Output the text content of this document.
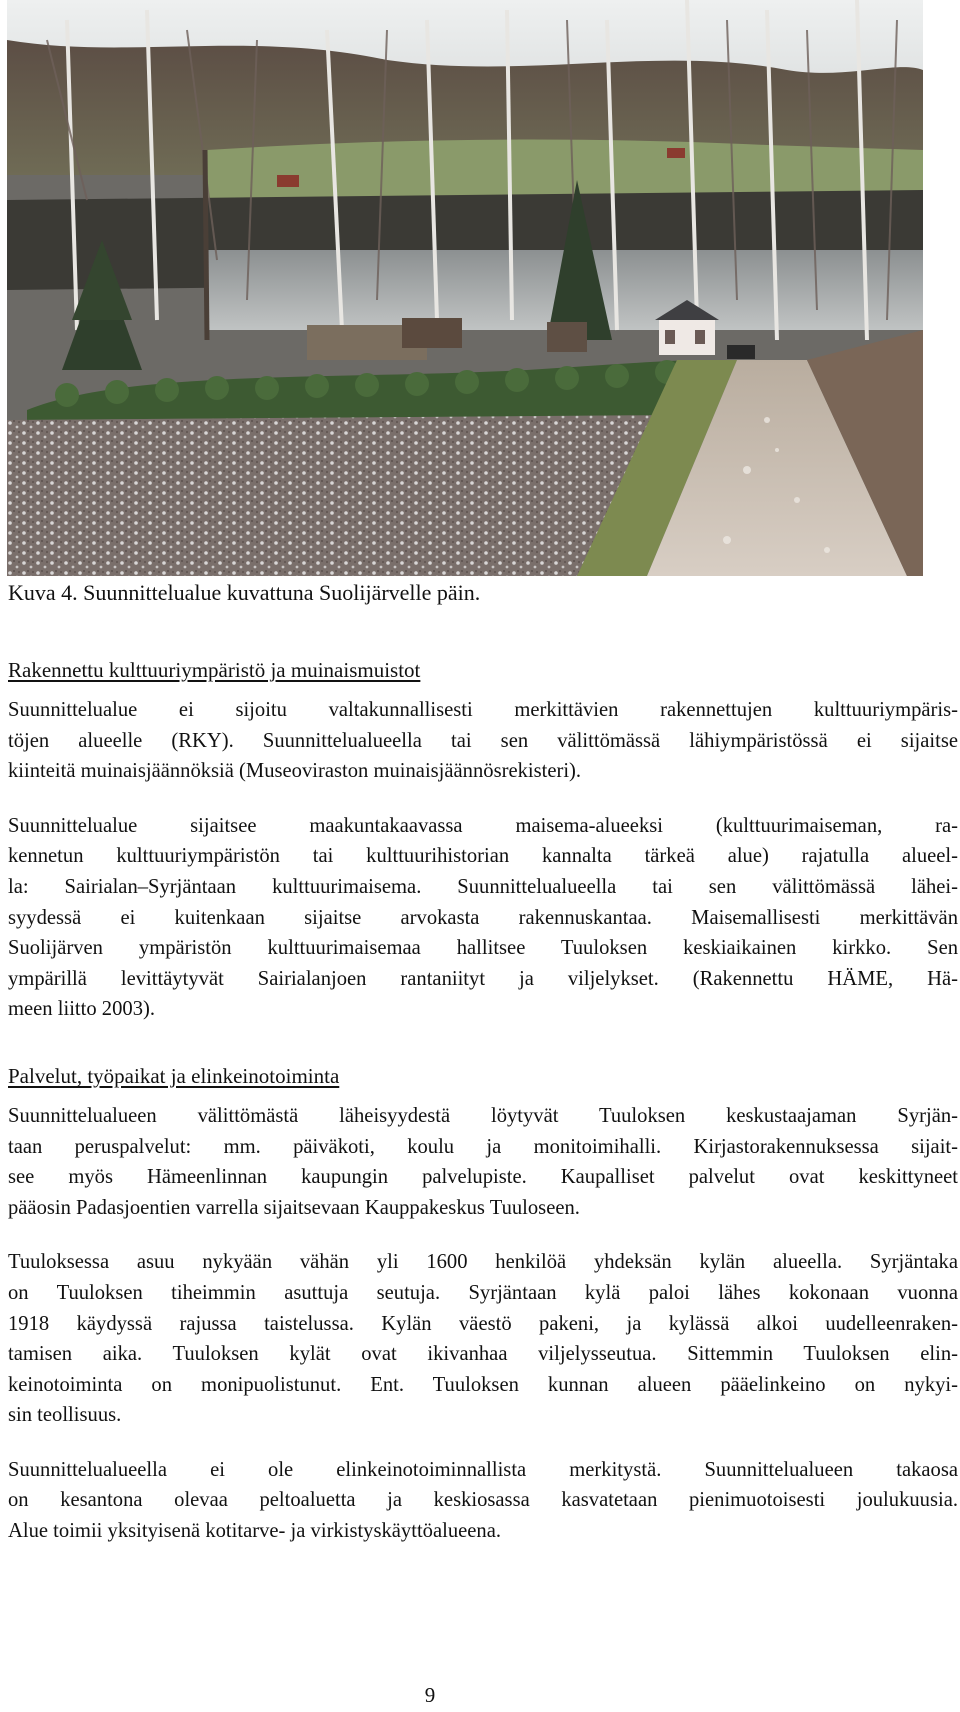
Kuva 4. Suunnittelualue kuvattuna Suolijärvelle päin.
Rakennettu kulttuuriympäristö ja muinaismuistot
Suunnittelualue ei sijoitu valtakunnallisesti merkittävien rakennettujen kulttuuriympäris-
töjen alueelle (RKY). Suunnittelualueella tai sen välittömässä lähiympäristössä ei sijaitse
kiinteitä muinaisjäännöksiä (Museoviraston muinaisjäännösrekisteri).
Suunnittelualue sijaitsee maakuntakaavassa maisema-alueeksi (kulttuurimaiseman, ra-
kennetun kulttuuriympäristön tai kulttuurihistorian kannalta tärkeä alue) rajatulla alueel-
la: Sairialan–Syrjäntaan kulttuurimaisema. Suunnittelualueella tai sen välittömässä lähei-
syydessä ei kuitenkaan sijaitse arvokasta rakennuskantaa. Maisemallisesti merkittävän
Suolijärven ympäristön kulttuurimaisemaa hallitsee Tuuloksen keskiaikainen kirkko. Sen
ympärillä levittäytyvät Sairialanjoen rantaniityt ja viljelykset. (Rakennettu HÄME, Hä-
meen liitto 2003).
Palvelut, työpaikat ja elinkeinotoiminta
Suunnittelualueen välittömästä läheisyydestä löytyvät Tuuloksen keskustaajaman Syrjän-
taan peruspalvelut: mm. päiväkoti, koulu ja monitoimihalli. Kirjastorakennuksessa sijait-
see myös Hämeenlinnan kaupungin palvelupiste. Kaupalliset palvelut ovat keskittyneet
pääosin Padasjoentien varrella sijaitsevaan Kauppakeskus Tuuloseen.
Tuuloksessa asuu nykyään vähän yli 1600 henkilöä yhdeksän kylän alueella. Syrjäntaka
on Tuuloksen tiheimmin asuttuja seutuja. Syrjäntaan kylä paloi lähes kokonaan vuonna
1918 käydyssä rajussa taistelussa. Kylän väestö pakeni, ja kylässä alkoi uudelleenraken-
tamisen aika. Tuuloksen kylät ovat ikivanhaa viljelysseutua. Sittemmin Tuuloksen elin-
keinotoiminta on monipuolistunut. Ent. Tuuloksen kunnan alueen pääelinkeino on nykyi-
sin teollisuus.
Suunnittelualueella ei ole elinkeinotoiminnallista merkitystä. Suunnittelualueen takaosa
on kesantona olevaa peltoaluetta ja keskiosassa kasvatetaan pienimuotoisesti joulukuusia.
Alue toimii yksityisenä kotitarve- ja virkistyskäyttöalueena.
9
